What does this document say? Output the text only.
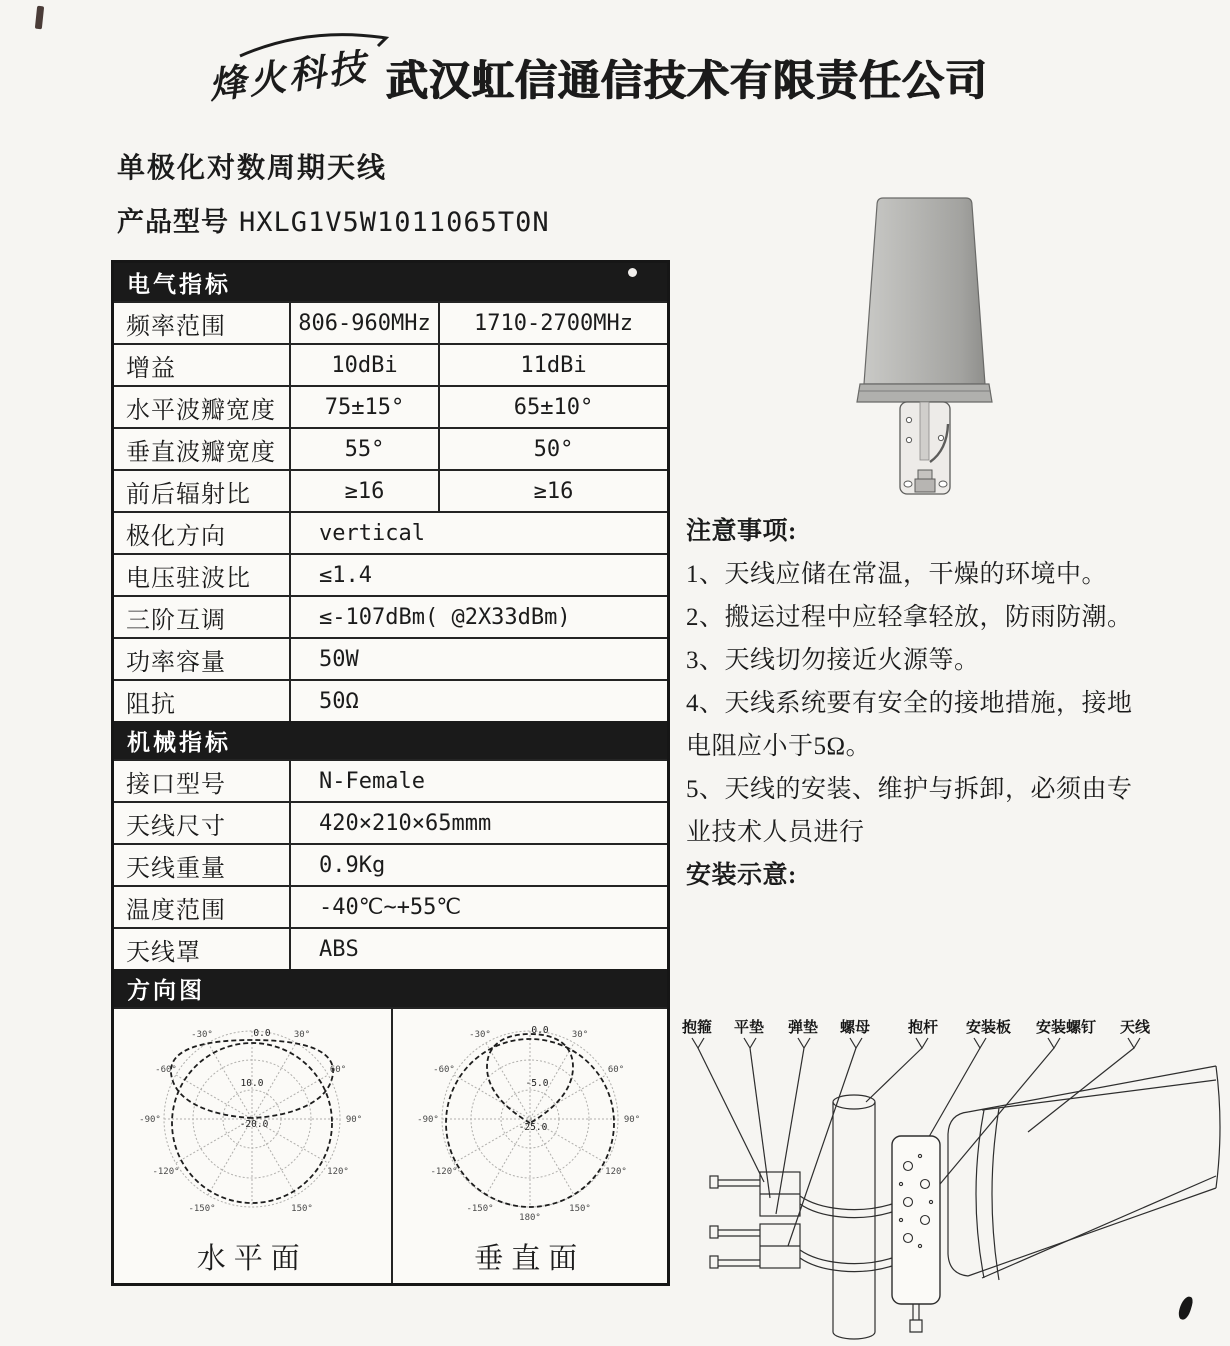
烽火科技 武汉虹信通信技术有限责任公司
单极化对数周期天线
产品型号 HXLG1V5W1011065T0N
电气指标
频率范围	806-960MHz	1710-2700MHz
增益	10dBi	11dBi
水平波瓣宽度	75±15°	65±10°
垂直波瓣宽度	55°	50°
前后辐射比	≥16	≥16
极化方向	vertical
电压驻波比	≤1.4
三阶互调	≤-107dBm( @2X33dBm)
功率容量	50W
阻抗	50Ω
机械指标
接口型号	N-Female
天线尺寸	420×210×65mmm
天线重量	0.9Kg
温度范围	-40℃~+55℃
天线罩	ABS
方向图
-30°	30°
-60°	60°
-90°	90°
-120°	120°
-150°	150°
0.0
10.0
-20.0
水平面
-30°	30°
-60°	60°
-90°	90°
-120°	120°
-150°	150°
180°
0.0
-5.0
-25.0
垂直面
注意事项:
1、天线应储在常温，干燥的环境中。
2、搬运过程中应轻拿轻放，防雨防潮。
3、天线切勿接近火源等。
4、天线系统要有安全的接地措施，接地电阻应小于5Ω。
5、天线的安装、维护与拆卸，必须由专业技术人员进行
安装示意:
抱箍 平垫 弹垫 螺母	抱杆 安装板 安装螺钉 天线
